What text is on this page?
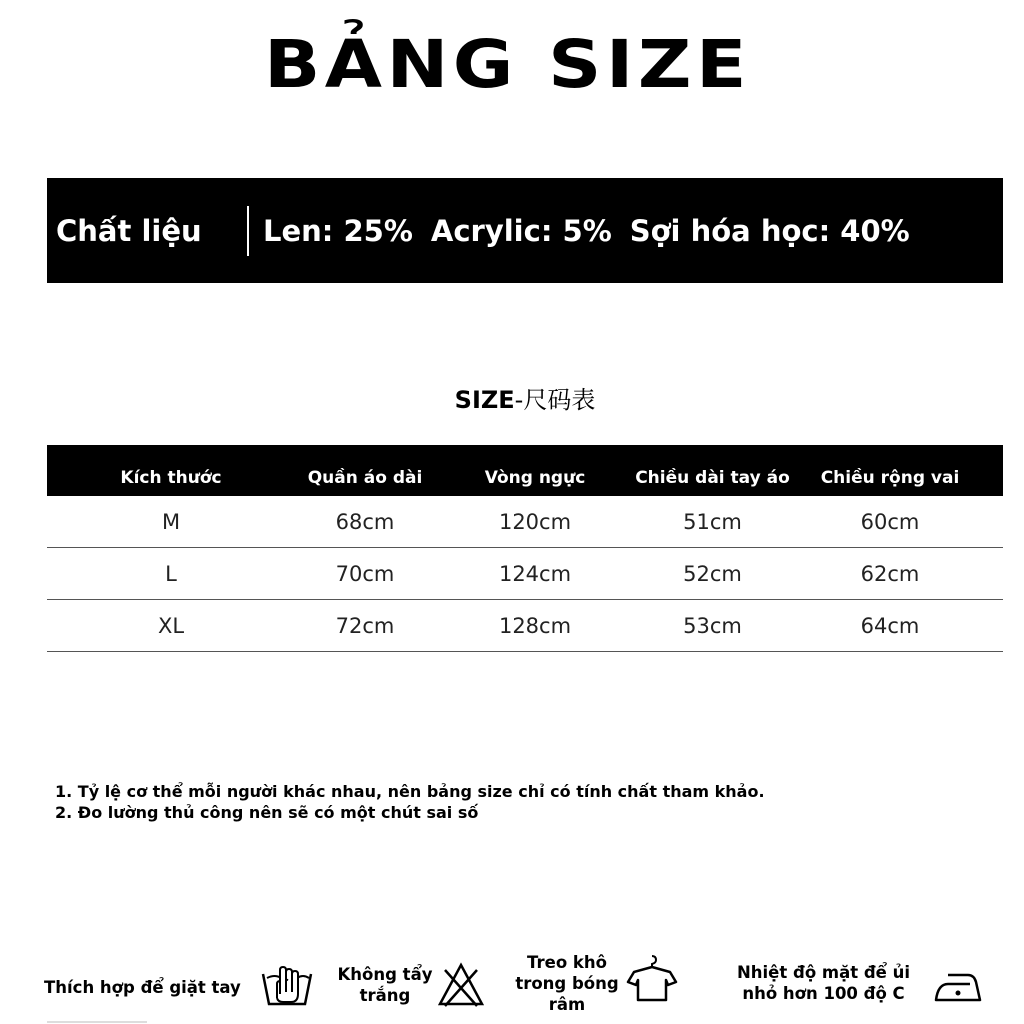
BẢNG SIZE
Chất liệu	Len: 25% Acrylic: 5% Sợi hóa học: 40%
SIZE-尺码表
Kích thước	Quần áo dài	Vòng ngực	Chiều dài tay áo	Chiều rộng vai
M	68cm	120cm	51cm	60cm
L	70cm	124cm	52cm	62cm
XL	72cm	128cm	53cm	64cm
1. Tỷ lệ cơ thể mỗi người khác nhau, nên bảng size chỉ có tính chất tham khảo.
2. Đo lường thủ công nên sẽ có một chút sai số
Thích hợp để giặt tay
Không tẩy trắng
Treo khô trong bóng râm
Nhiệt độ mặt để ủi nhỏ hơn 100 độ C
